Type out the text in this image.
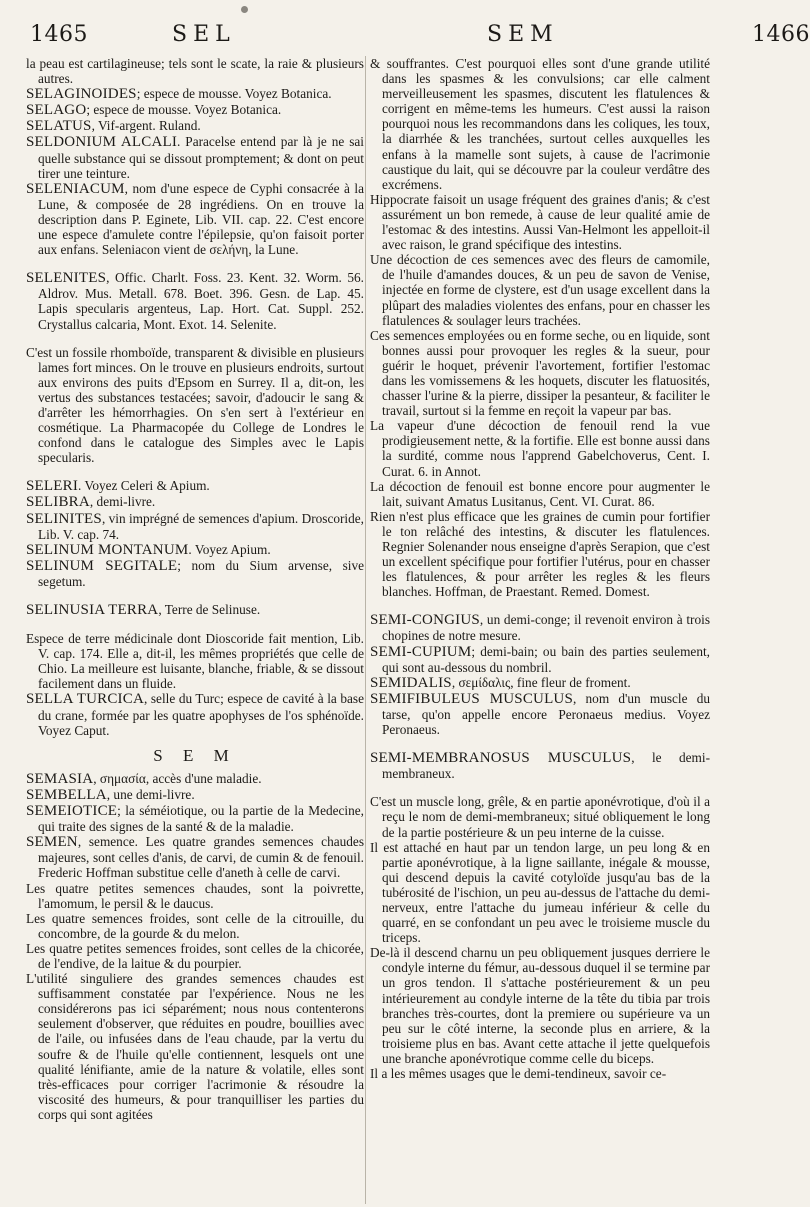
1465	SEL	SEM	1466

la peau est cartilagineuse; tels sont le scate, la raie & plusieurs autres.

SELAGINOIDES; espece de mousse. Voyez Botanica.

SELAGO; espece de mousse. Voyez Botanica.

SELATUS, Vif-argent. Ruland.

SELDONIUM ALCALI. Paracelse entend par là je ne sai quelle substance qui se dissout promptement; & dont on peut tirer une teinture.

SELENIACUM, nom d'une espece de Cyphi consacrée à la Lune, & composée de 28 ingrédiens. On en trouve la description dans P. Eginete, Lib. VII. cap. 22. C'est encore une espece d'amulete contre l'épilepsie, qu'on faisoit porter aux enfans. Seleniacon vient de σελήνη, la Lune.

SELENITES, Offic. Charlt. Foss. 23. Kent. 32. Worm. 56. Aldrov. Mus. Metall. 678. Boet. 396. Gesn. de Lap. 45. Lapis specularis argenteus, Lap. Hort. Cat. Suppl. 252. Crystallus calcaria, Mont. Exot. 14. Selenite.

C'est un fossile rhomboïde, transparent & divisible en plusieurs lames fort minces. On le trouve en plusieurs endroits, surtout aux environs des puits d'Epsom en Surrey. Il a, dit-on, les vertus des substances testacées; savoir, d'adoucir le sang & d'arrêter les hémorrhagies. On s'en sert à l'extérieur en cosmétique. La Pharmacopée du College de Londres le confond dans le catalogue des Simples avec le Lapis specularis.

SELERI. Voyez Celeri & Apium.

SELIBRA, demi-livre.

SELINITES, vin imprégné de semences d'apium. Droscoride, Lib. V. cap. 74.

SELINUM MONTANUM. Voyez Apium.

SELINUM SEGITALE; nom du Sium arvense, sive segetum.

SELINUSIA TERRA, Terre de Selinuse.

Espece de terre médicinale dont Dioscoride fait mention, Lib. V. cap. 174. Elle a, dit-il, les mêmes propriétés que celle de Chio. La meilleure est luisante, blanche, friable, & se dissout facilement dans un fluide.

SELLA TURCICA, selle du Turc; espece de cavité à la base du crane, formée par les quatre apophyses de l'os sphénoïde. Voyez Caput.

S E M

SEMASIA, σημασία, accès d'une maladie.

SEMBELLA, une demi-livre.

SEMEIOTICE; la séméiotique, ou la partie de la Medecine, qui traite des signes de la santé & de la maladie.

SEMEN, semence. Les quatre grandes semences chaudes majeures, sont celles d'anis, de carvi, de cumin & de fenouil. Frederic Hoffman substitue celle d'aneth à celle de carvi.

Les quatre petites semences chaudes, sont la poivrette, l'amomum, le persil & le daucus.

Les quatre semences froides, sont celle de la citrouille, du concombre, de la gourde & du melon.

Les quatre petites semences froides, sont celles de la chicorée, de l'endive, de la laitue & du pourpier.

L'utilité singuliere des grandes semences chaudes est suffisamment constatée par l'expérience. Nous ne les considérerons pas ici séparément; nous nous contenterons seulement d'observer, que réduites en poudre, bouillies avec de l'aile, ou infusées dans de l'eau chaude, par la vertu du soufre & de l'huile qu'elle contiennent, lesquels ont une qualité lénifiante, amie de la nature & volatile, elles sont très-efficaces pour corriger l'acrimonie & résoudre la viscosité des humeurs, & pour tranquilliser les parties du corps qui sont agitées

& souffrantes. C'est pourquoi elles sont d'une grande utilité dans les spasmes & les convulsions; car elle calment merveilleusement les spasmes, discutent les flatulences & corrigent en même-tems les humeurs. C'est aussi la raison pourquoi nous les recommandons dans les coliques, les toux, la diarrhée & les tranchées, surtout celles auxquelles les enfans à la mamelle sont sujets, à cause de l'acrimonie caustique du lait, qui se découvre par la couleur verdâtre des excrémens.

Hippocrate faisoit un usage fréquent des graines d'anis; & c'est assurément un bon remede, à cause de leur qualité amie de l'estomac & des intestins. Aussi Van-Helmont les appelloit-il avec raison, le grand spécifique des intestins.

Une décoction de ces semences avec des fleurs de camomile, de l'huile d'amandes douces, & un peu de savon de Venise, injectée en forme de clystere, est d'un usage excellent dans la plûpart des maladies violentes des enfans, pour en chasser les flatulences & soulager leurs trachées.

Ces semences employées ou en forme seche, ou en liquide, sont bonnes aussi pour provoquer les regles & la sueur, pour guérir le hoquet, prévenir l'avortement, fortifier l'estomac dans les vomissemens & les hoquets, discuter les flatuosités, chasser l'urine & la pierre, dissiper la pesanteur, & faciliter le travail, surtout si la femme en reçoit la vapeur par bas.

La vapeur d'une décoction de fenouil rend la vue prodigieusement nette, & la fortifie. Elle est bonne aussi dans la surdité, comme nous l'apprend Gabelchoverus, Cent. I. Curat. 6. in Annot.

La décoction de fenouil est bonne encore pour augmenter le lait, suivant Amatus Lusitanus, Cent. VI. Curat. 86.

Rien n'est plus efficace que les graines de cumin pour fortifier le ton relâché des intestins, & discuter les flatulences. Regnier Solenander nous enseigne d'après Serapion, que c'est un excellent spécifique pour fortifier l'utérus, pour en chasser les flatulences, & pour arrêter les regles & les fleurs blanches. Hoffman, de Praestant. Remed. Domest.

SEMI-CONGIUS, un demi-conge; il revenoit environ à trois chopines de notre mesure.

SEMI-CUPIUM; demi-bain; ou bain des parties seulement, qui sont au-dessous du nombril.

SEMIDALIS, σεμίδαλις, fine fleur de froment.

SEMIFIBULEUS MUSCULUS, nom d'un muscle du tarse, qu'on appelle encore Peronaeus medius. Voyez Peronaeus.

SEMI-MEMBRANOSUS MUSCULUS, le demi-membraneux.

C'est un muscle long, grêle, & en partie aponévrotique, d'où il a reçu le nom de demi-membraneux; situé obliquement le long de la partie postérieure & un peu interne de la cuisse.

Il est attaché en haut par un tendon large, un peu long & en partie aponévrotique, à la ligne saillante, inégale & mousse, qui descend depuis la cavité cotyloïde jusqu'au bas de la tubérosité de l'ischion, un peu au-dessus de l'attache du demi-nerveux, entre l'attache du jumeau inférieur & celle du quarré, en se confondant un peu avec le troisieme muscle du triceps.

De-là il descend charnu un peu obliquement jusques derriere le condyle interne du fémur, au-dessous duquel il se termine par un gros tendon. Il s'attache postérieurement & un peu intérieurement au condyle interne de la tête du tibia par trois branches très-courtes, dont la premiere ou supérieure va un peu sur le côté interne, la seconde plus en arriere, & la troisieme plus en bas. Avant cette attache il jette quelquefois une branche aponévrotique comme celle du biceps.

Il a les mêmes usages que le demi-tendineux, savoir ce-
